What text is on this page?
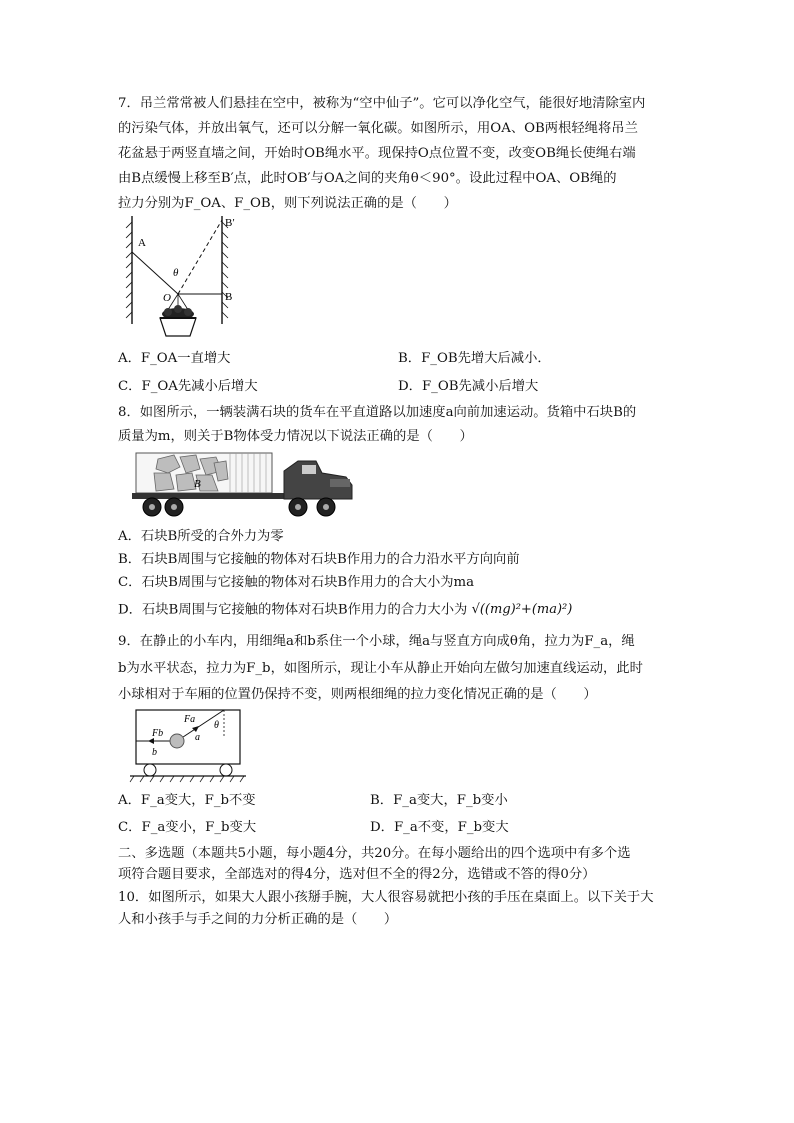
7．吊兰常常被人们悬挂在空中，被称为“空中仙子”。它可以净化空气，能很好地清除室内
的污染气体，并放出氧气，还可以分解一氧化碳。如图所示，用OA、OB两根轻绳将吊兰
花盆悬于两竖直墙之间，开始时OB绳水平。现保持O点位置不变，改变OB绳长使绳右端
由B点缓慢上移至B′点，此时OB′与OA之间的夹角θ＜90°。设此过程中OA、OB绳的
拉力分别为F_OA、F_OB，则下列说法正确的是（　　）
A
B′
B
O
θ
A．F_OA一直增大	B．F_OB先增大后减小．
C．F_OA先减小后增大	D．F_OB先减小后增大
8．如图所示，一辆装满石块的货车在平直道路以加速度a向前加速运动。货箱中石块B的
质量为m，则关于B物体受力情况以下说法正确的是（　　）
B
A．石块B所受的合外力为零
B．石块B周围与它接触的物体对石块B作用力的合力沿水平方向向前
C．石块B周围与它接触的物体对石块B作用力的合大小为ma
D．石块B周围与它接触的物体对石块B作用力的合力大小为 √((mg)²+(ma)²)
9．在静止的小车内，用细绳a和b系住一个小球，绳a与竖直方向成θ角，拉力为F_a，绳
b为水平状态，拉力为F_b，如图所示，现让小车从静止开始向左做匀加速直线运动，此时
小球相对于车厢的位置仍保持不变，则两根细绳的拉力变化情况正确的是（　　）
Fa
Fb	a
b
θ
A．F_a变大，F_b不变	B．F_a变大，F_b变小
C．F_a变小，F_b变大	D．F_a不变，F_b变大
二、多选题（本题共5小题，每小题4分，共20分。在每小题给出的四个选项中有多个选
项符合题目要求，全部选对的得4分，选对但不全的得2分，选错或不答的得0分）
10．如图所示，如果大人跟小孩掰手腕，大人很容易就把小孩的手压在桌面上。以下关于大
人和小孩手与手之间的力分析正确的是（　　）
